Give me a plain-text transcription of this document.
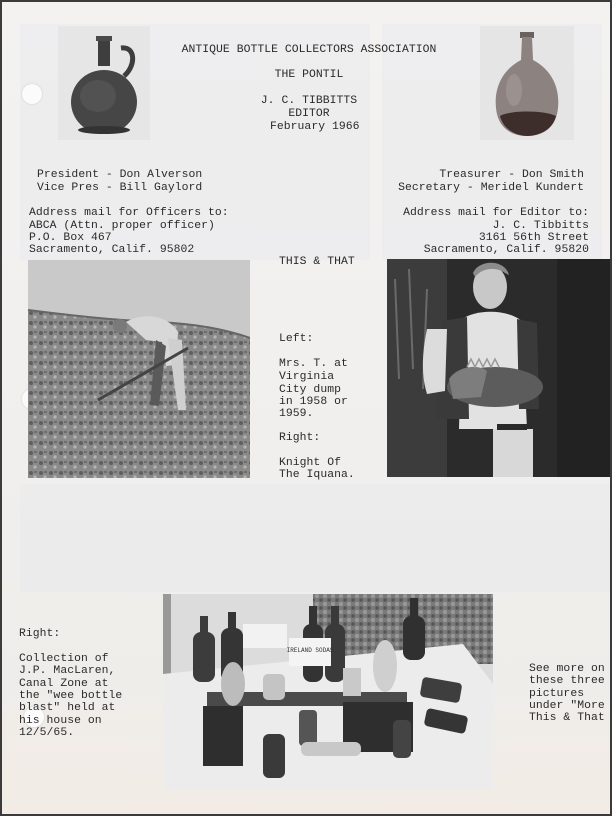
ANTIQUE BOTTLE COLLECTORS ASSOCIATION
THE PONTIL
J. C. TIBBITTS
EDITOR
February 1966
President - Don Alverson
Vice Pres - Bill Gaylord
Address mail for Officers to:
ABCA (Attn. proper officer)
P.O. Box 467
Sacramento, Calif. 95802
Treasurer - Don Smith
Secretary - Meridel Kundert
Address mail for Editor to:
J. C. Tibbitts
3161 56th Street
Sacramento, Calif. 95820
THIS & THAT
Left:
Mrs. T. at
Virginia
City dump
in 1958 or
1959.
Right:
Knight Of
The Iquana.
Right:
Collection of
J.P. MacLaren,
Canal Zone at
the "wee bottle
blast" held at
his house on
12/5/65.
IRELAND SODAS
See more on
these three
pictures
under "More
This & That
